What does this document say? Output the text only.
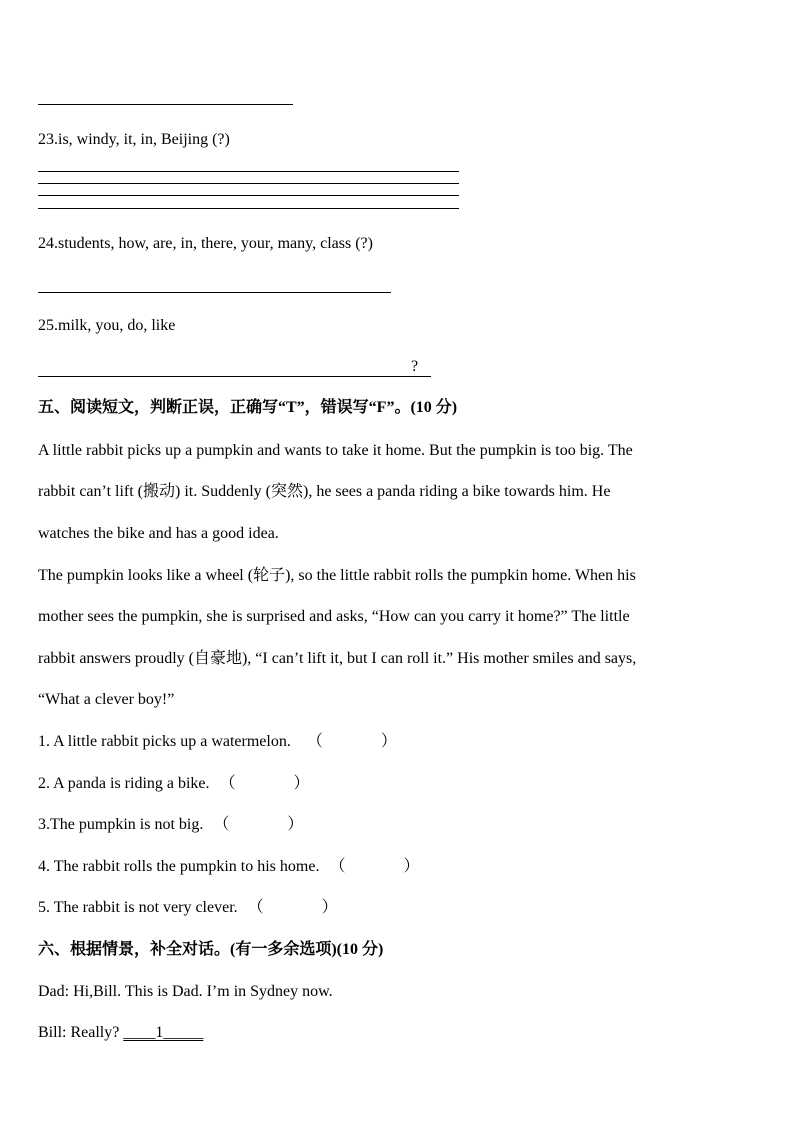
23.is, windy, it, in, Beijing (?)
24.students, how, are, in, there, your, many, class (?)
25.milk, you, do, like
?
五、阅读短文，判断正误，正确写“T”，错误写“F”。(10 分)
A little rabbit picks up a pumpkin and wants to take it home. But the pumpkin is too big. The
rabbit can’t lift (搬动) it. Suddenly (突然), he sees a panda riding a bike towards him. He
watches the bike and has a good idea.
The pumpkin looks like a wheel (轮子), so the little rabbit rolls the pumpkin home. When his
mother sees the pumpkin, she is surprised and asks, “How can you carry it home?” The little
rabbit answers proudly (自豪地), “I can’t lift it, but I can roll it.” His mother smiles and says,
“What a clever boy!”
1. A little rabbit picks up a watermelon. （	）
2. A panda is riding a bike. （	）
3.The pumpkin is not big. （	）
4. The rabbit rolls the pumpkin to his home. （	）
5. The rabbit is not very clever. （	）
六、根据情景，补全对话。(有一多余选项)(10 分)
Dad: Hi,Bill. This is Dad. I’m in Sydney now.
Bill: Really? ____1_____
